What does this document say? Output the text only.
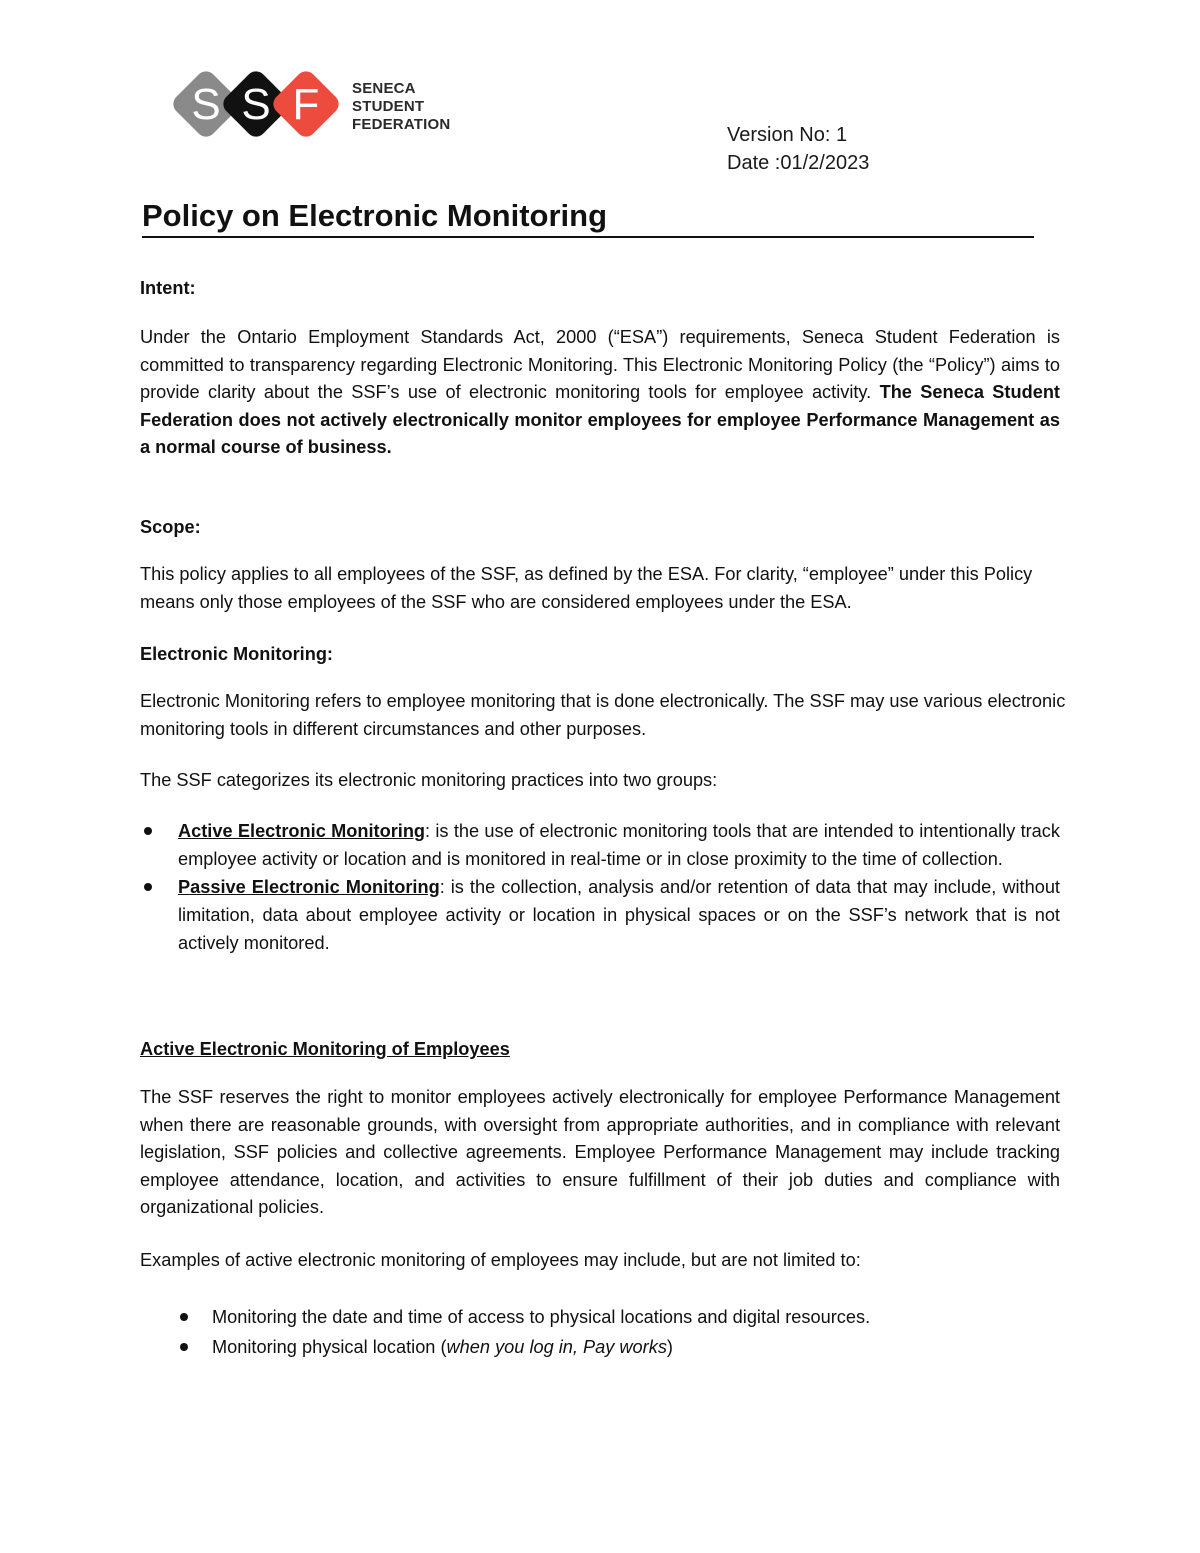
S S F SENECA
STUDENT
FEDERATION	Version No: 1
Date :01/2/2023
Policy on Electronic Monitoring
Intent:
Under the Ontario Employment Standards Act, 2000 (“ESA”) requirements, Seneca Student Federation is committed to transparency regarding Electronic Monitoring. This Electronic Monitoring Policy (the “Policy”) aims to provide clarity about the SSF’s use of electronic monitoring tools for employee activity. The Seneca Student Federation does not actively electronically monitor employees for employee Performance Management as a normal course of business.
Scope:
This policy applies to all employees of the SSF, as defined by the ESA. For clarity, “employee” under this Policy means only those employees of the SSF who are considered employees under the ESA.
Electronic Monitoring:
Electronic Monitoring refers to employee monitoring that is done electronically. The SSF may use various electronic monitoring tools in different circumstances and other purposes.
The SSF categorizes its electronic monitoring practices into two groups:
Active Electronic Monitoring: is the use of electronic monitoring tools that are intended to intentionally track employee activity or location and is monitored in real-time or in close proximity to the time of collection.
Passive Electronic Monitoring: is the collection, analysis and/or retention of data that may include, without limitation, data about employee activity or location in physical spaces or on the SSF’s network that is not actively monitored.
Active Electronic Monitoring of Employees
The SSF reserves the right to monitor employees actively electronically for employee Performance Management when there are reasonable grounds, with oversight from appropriate authorities, and in compliance with relevant legislation, SSF policies and collective agreements. Employee Performance Management may include tracking employee attendance, location, and activities to ensure fulfillment of their job duties and compliance with organizational policies.
Examples of active electronic monitoring of employees may include, but are not limited to:
Monitoring the date and time of access to physical locations and digital resources.
Monitoring physical location (when you log in, Pay works)
